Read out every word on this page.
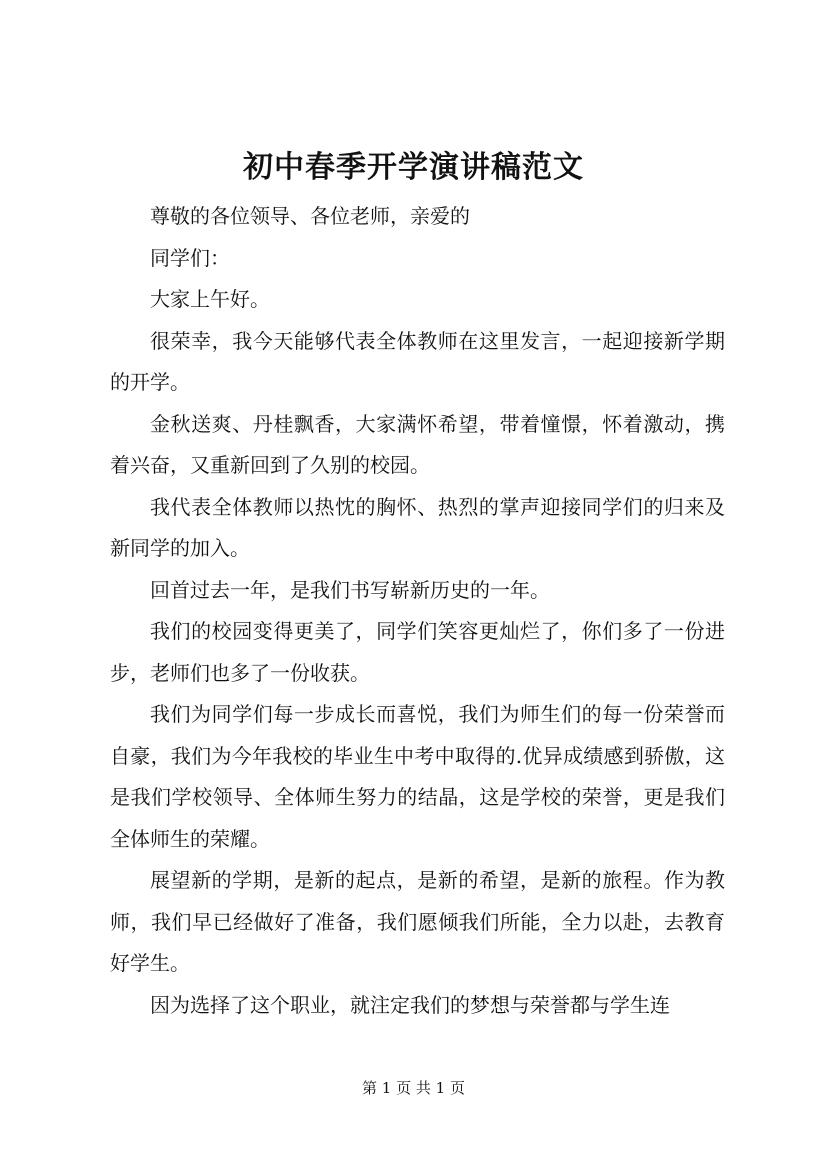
初中春季开学演讲稿范文

尊敬的各位领导、各位老师，亲爱的

同学们：

大家上午好。

很荣幸，我今天能够代表全体教师在这里发言，一起迎接新学期的开学。

金秋送爽、丹桂飘香，大家满怀希望，带着憧憬，怀着激动，携着兴奋，又重新回到了久别的校园。

我代表全体教师以热忱的胸怀、热烈的掌声迎接同学们的归来及新同学的加入。

回首过去一年，是我们书写崭新历史的一年。

我们的校园变得更美了，同学们笑容更灿烂了，你们多了一份进步，老师们也多了一份收获。

我们为同学们每一步成长而喜悦，我们为师生们的每一份荣誉而自豪，我们为今年我校的毕业生中考中取得的.优异成绩感到骄傲，这是我们学校领导、全体师生努力的结晶，这是学校的荣誉，更是我们全体师生的荣耀。

展望新的学期，是新的起点，是新的希望，是新的旅程。作为教师，我们早已经做好了准备，我们愿倾我们所能，全力以赴，去教育好学生。

因为选择了这个职业，就注定我们的梦想与荣誉都与学生连

第 1 页 共 1 页
